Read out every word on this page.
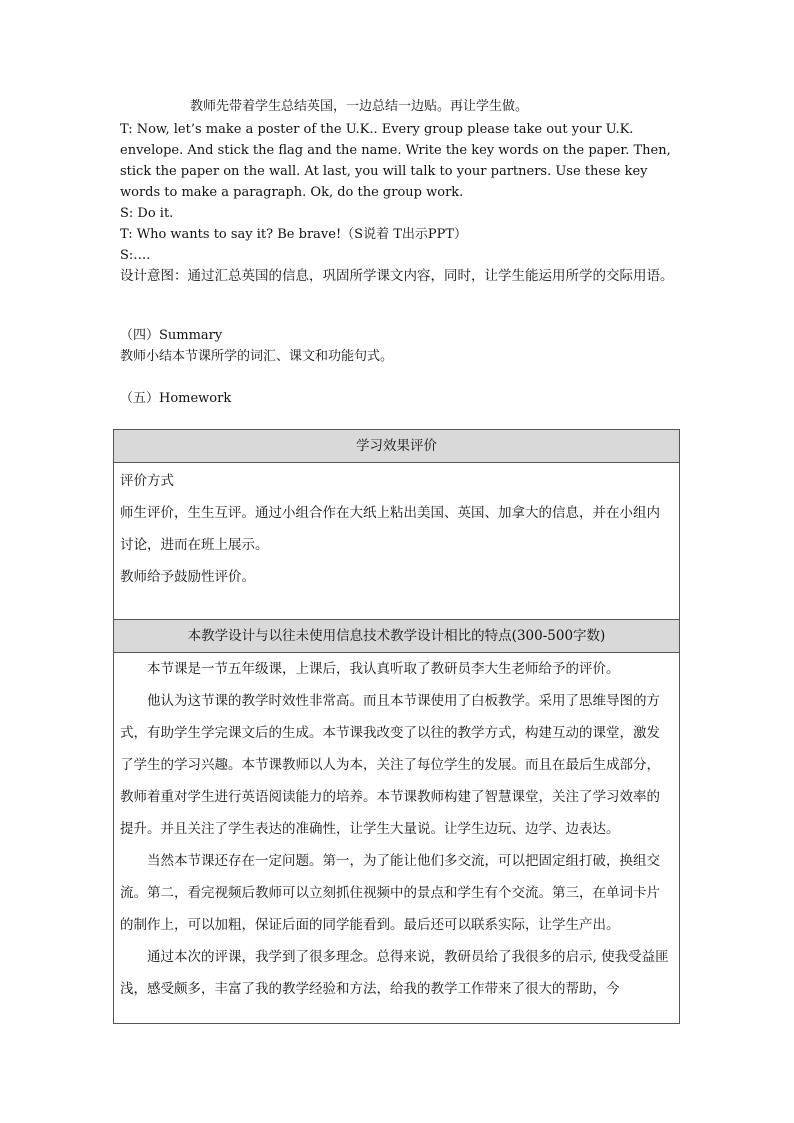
教师先带着学生总结英国，一边总结一边贴。再让学生做。

T: Now, let’s make a poster of the U.K.. Every group please take out your U.K. envelope. And stick the flag and the name. Write the key words on the paper. Then, stick the paper on the wall. At last, you will talk to your partners. Use these key words to make a paragraph. Ok, do the group work.

S: Do it.

T: Who wants to say it? Be brave!（S说着 T出示PPT）

S:….

设计意图：通过汇总英国的信息，巩固所学课文内容，同时，让学生能运用所学的交际用语。

（四）Summary

教师小结本节课所学的词汇、课文和功能句式。

（五）Homework

学习效果评价

评价方式

师生评价，生生互评。通过小组合作在大纸上粘出美国、英国、加拿大的信息，并在小组内讨论，进而在班上展示。

教师给予鼓励性评价。

本教学设计与以往未使用信息技术教学设计相比的特点(300-500字数)

本节课是一节五年级课，上课后，我认真听取了教研员李大生老师给予的评价。

他认为这节课的教学时效性非常高。而且本节课使用了白板教学。采用了思维导图的方式，有助学生学完课文后的生成。本节课我改变了以往的教学方式，构建互动的课堂，激发了学生的学习兴趣。本节课教师以人为本，关注了每位学生的发展。而且在最后生成部分，教师着重对学生进行英语阅读能力的培养。本节课教师构建了智慧课堂，关注了学习效率的提升。并且关注了学生表达的准确性，让学生大量说。让学生边玩、边学、边表达。

当然本节课还存在一定问题。第一，为了能让他们多交流，可以把固定组打破，换组交流。第二，看完视频后教师可以立刻抓住视频中的景点和学生有个交流。第三，在单词卡片的制作上，可以加粗，保证后面的同学能看到。最后还可以联系实际，让学生产出。

通过本次的评课，我学到了很多理念。总得来说，教研员给了我很多的启示, 使我受益匪浅，感受颇多，丰富了我的教学经验和方法，给我的教学工作带来了很大的帮助，今
